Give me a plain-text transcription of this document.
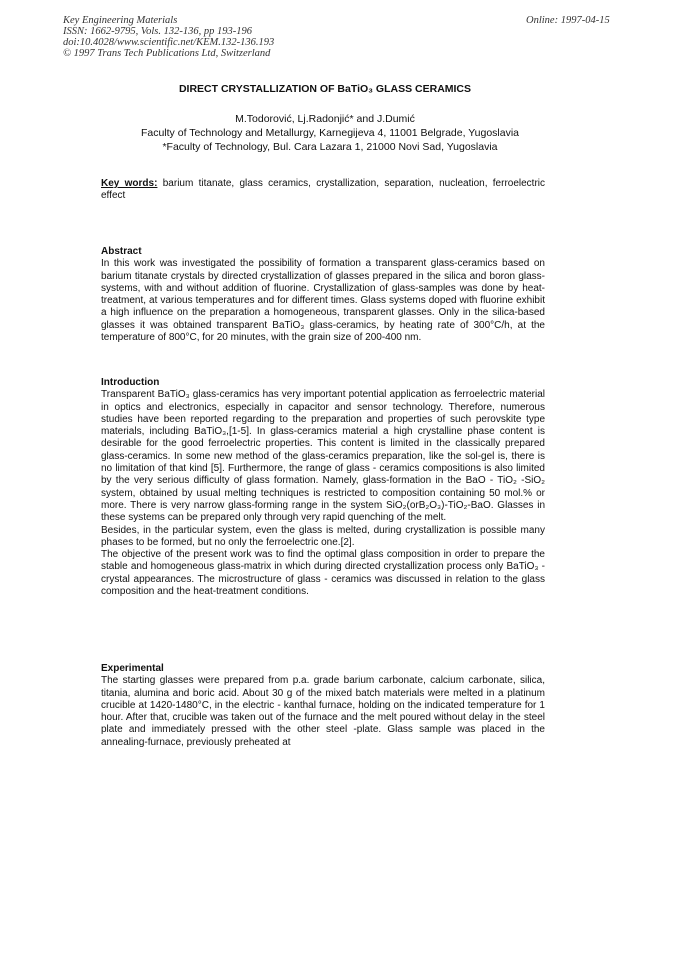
Key Engineering Materials
ISSN: 1662-9795, Vols. 132-136, pp 193-196
doi:10.4028/www.scientific.net/KEM.132-136.193
© 1997 Trans Tech Publications Ltd, Switzerland
Online: 1997-04-15
DIRECT CRYSTALLIZATION OF BaTiO₃ GLASS CERAMICS
M.Todorović, Lj.Radonjić* and J.Dumić
Faculty of Technology and Metallurgy, Karnegijeva 4, 11001 Belgrade, Yugoslavia
*Faculty of Technology, Bul. Cara Lazara 1, 21000 Novi Sad, Yugoslavia
Key words: barium titanate, glass ceramics, crystallization, separation, nucleation, ferroelectric effect
Abstract

In this work was investigated the possibility of formation a transparent glass-ceramics based on barium titanate crystals by directed crystallization of glasses prepared in the silica and boron glass-systems, with and without addition of fluorine. Crystallization of glass-samples was done by heat-treatment, at various temperatures and for different times. Glass systems doped with fluorine exhibit a high influence on the preparation a homogeneous, transparent glasses. Only in the silica-based glasses it was obtained transparent BaTiO₃ glass-ceramics, by heating rate of 300°C/h, at the temperature of 800°C, for 20 minutes, with the grain size of 200-400 nm.

Introduction

Transparent BaTiO₃ glass-ceramics has very important potential application as ferroelectric material in optics and electronics, especially in capacitor and sensor technology. Therefore, numerous studies have been reported regarding to the preparation and properties of such perovskite type materials, including BaTiO₃,[1-5]. In glass-ceramics material a high crystalline phase content is desirable for the good ferroelectric properties. This content is limited in the classically prepared glass-ceramics. In some new method of the glass-ceramics preparation, like the sol-gel is, there is no limitation of that kind [5]. Furthermore, the range of glass - ceramics compositions is also limited by the very serious difficulty of glass formation. Namely, glass-formation in the BaO - TiO₂ -SiO₂ system, obtained by usual melting techniques is restricted to composition containing 50 mol.% or more. There is very narrow glass-forming range in the system SiO₂(orB₂O₃)-TiO₂-BaO. Glasses in these systems can be prepared only through very rapid quenching of the melt.

Besides, in the particular system, even the glass is melted, during crystallization is possible many phases to be formed, but no only the ferroelectric one.[2].

The objective of the present work was to find the optimal glass composition in order to prepare the stable and homogeneous glass-matrix in which during directed crystallization process only BaTiO₃ - crystal appearances. The microstructure of glass - ceramics was discussed in relation to the glass composition and the heat-treatment conditions.

Experimental

The starting glasses were prepared from p.a. grade barium carbonate, calcium carbonate, silica, titania, alumina and boric acid. About 30 g of the mixed batch materials were melted in a platinum crucible at 1420-1480°C, in the electric - kanthal furnace, holding on the indicated temperature for 1 hour. After that, crucible was taken out of the furnace and the melt poured without delay in the steel plate and immediately pressed with the other steel -plate. Glass sample was placed in the annealing-furnace, previously preheated at
